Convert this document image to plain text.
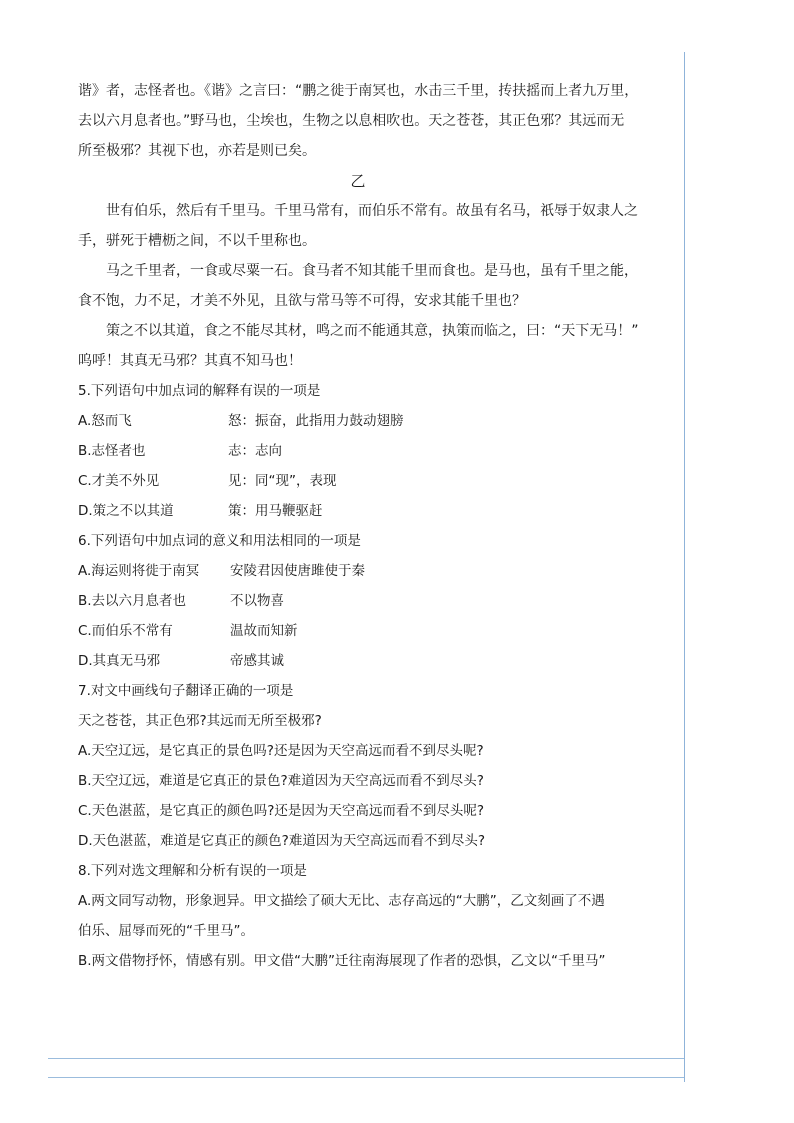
谐》者，志怪者也。《谐》之言曰：“鹏之徙于南冥也，水击三千里，抟扶摇而上者九万里，
去以六月息者也。”野马也，尘埃也，生物之以息相吹也。天之苍苍，其正色邪？其远而无
所至极邪？其视下也，亦若是则已矣。
乙
世有伯乐，然后有千里马。千里马常有，而伯乐不常有。故虽有名马，祇辱于奴隶人之
手，骈死于槽枥之间，不以千里称也。
马之千里者，一食或尽粟一石。食马者不知其能千里而食也。是马也，虽有千里之能，
食不饱，力不足，才美不外见，且欲与常马等不可得，安求其能千里也？
策之不以其道，食之不能尽其材，鸣之而不能通其意，执策而临之，曰：“天下无马！”
呜呼！其真无马邪？其真不知马也！
5.下列语句中加点词的解释有误的一项是
A.怒而飞	怒：振奋，此指用力鼓动翅膀
B.志怪者也	志：志向
C.才美不外见	见：同“现”，表现
D.策之不以其道	策：用马鞭驱赶
6.下列语句中加点词的意义和用法相同的一项是
A.海运则将徙于南冥 安陵君因使唐雎使于秦
B.去以六月息者也	不以物喜
C.而伯乐不常有	温故而知新
D.其真无马邪	帝感其诚
7.对文中画线句子翻译正确的一项是
天之苍苍，其正色邪?其远而无所至极邪?
A.天空辽远，是它真正的景色吗?还是因为天空高远而看不到尽头呢?
B.天空辽远，难道是它真正的景色?难道因为天空高远而看不到尽头?
C.天色湛蓝，是它真正的颜色吗?还是因为天空高远而看不到尽头呢?
D.天色湛蓝，难道是它真正的颜色?难道因为天空高远而看不到尽头?
8.下列对选文理解和分析有误的一项是
A.两文同写动物，形象迥异。甲文描绘了硕大无比、志存高远的“大鹏”，乙文刻画了不遇
伯乐、屈辱而死的“千里马”。
B.两文借物抒怀，情感有别。甲文借“大鹏”迁往南海展现了作者的恐惧，乙文以“千里马”
